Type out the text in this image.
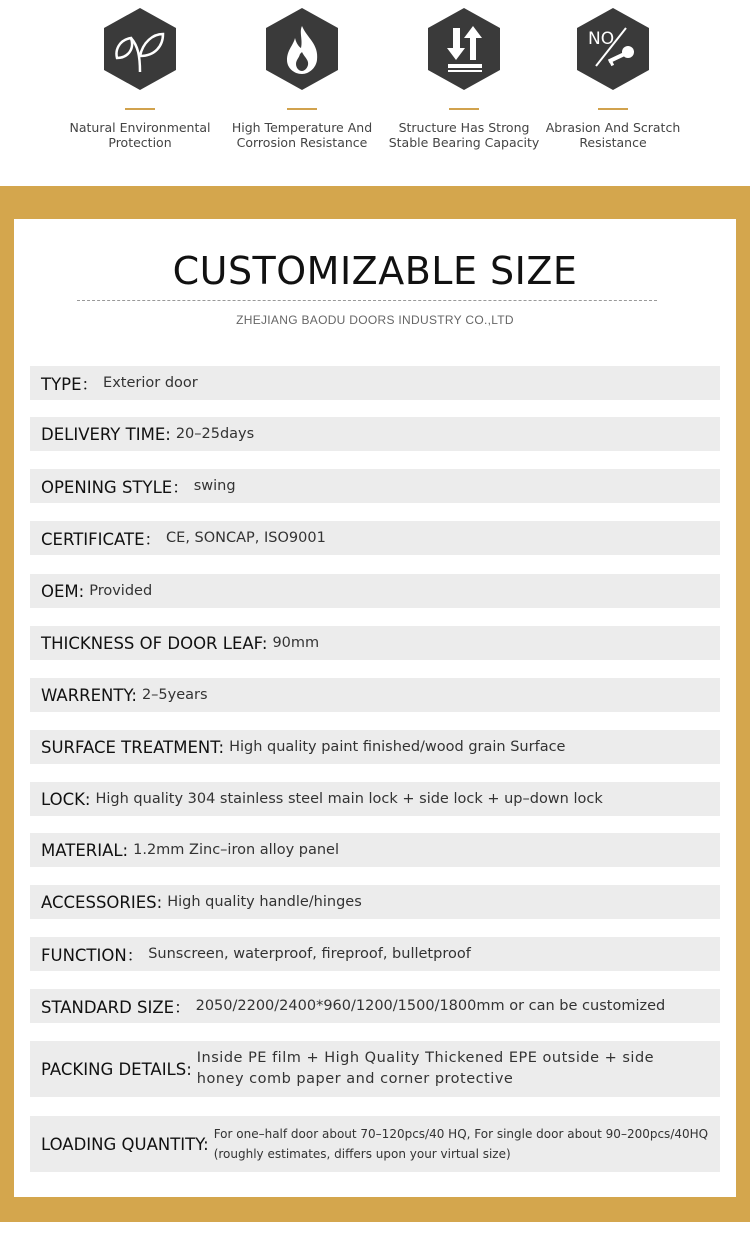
Natural Environmental
Protection
High Temperature And
Corrosion Resistance
Structure Has Strong
Stable Bearing Capacity
NO
Abrasion And Scratch
Resistance
CUSTOMIZABLE SIZE
ZHEJIANG BAODU DOORS INDUSTRY CO.,LTD
TYPE： Exterior door
DELIVERY TIME: 20–25days
OPENING STYLE： swing
CERTIFICATE： CE, SONCAP, ISO9001
OEM: Provided
THICKNESS OF DOOR LEAF: 90mm
WARRENTY: 2–5years
SURFACE TREATMENT: High quality paint finished/wood grain Surface
LOCK: High quality 304 stainless steel main lock + side lock + up–down lock
MATERIAL: 1.2mm Zinc–iron alloy panel
ACCESSORIES: High quality handle/hinges
FUNCTION： Sunscreen, waterproof, fireproof, bulletproof
STANDARD SIZE： 2050/2200/2400*960/1200/1500/1800mm or can be customized
PACKING DETAILS:
Inside PE film + High Quality Thickened EPE outside + side
honey comb paper and corner protective
LOADING QUANTITY:
For one–half door about 70–120pcs/40 HQ, For single door about 90–200pcs/40HQ
(roughly estimates, differs upon your virtual size)
